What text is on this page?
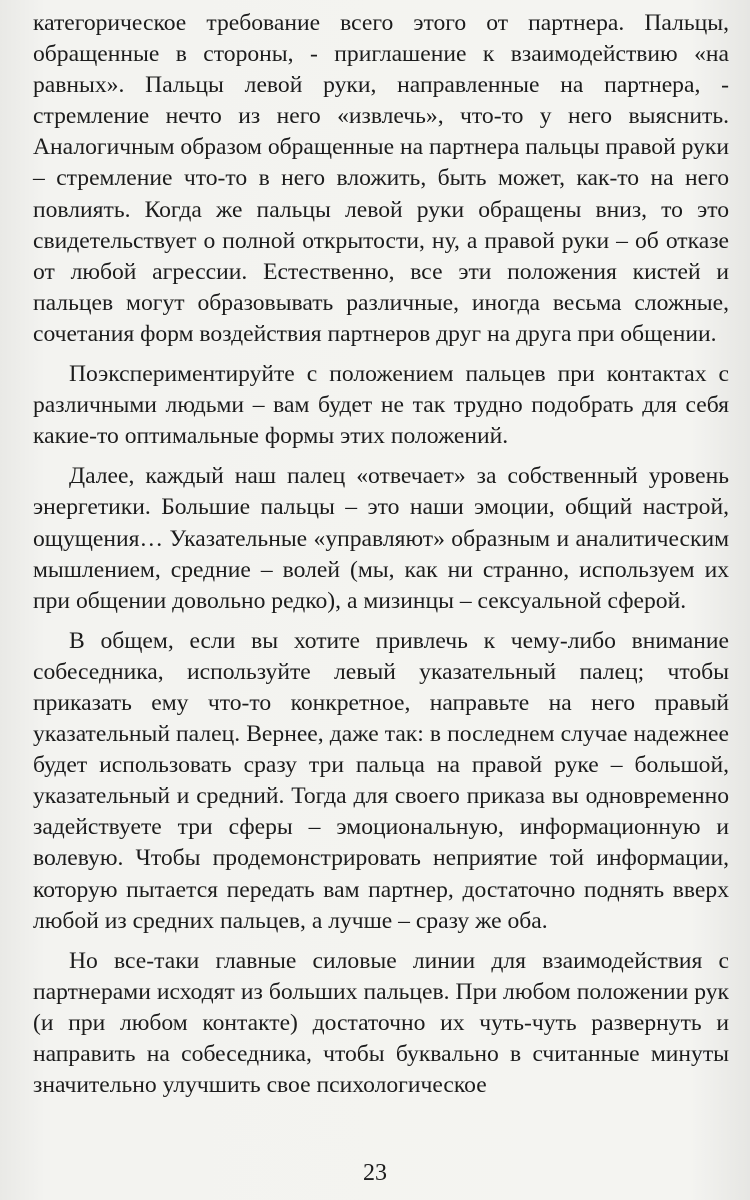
категорическое требование всего этого от партнера. Пальцы, обращенные в стороны, - приглашение к взаимодействию «на равных». Пальцы левой руки, направленные на партнера, - стремление нечто из него «извлечь», что-то у него выяснить. Аналогичным образом обращенные на партнера пальцы правой руки – стремление что-то в него вложить, быть может, как-то на него повлиять. Когда же пальцы левой руки обращены вниз, то это свидетельствует о полной открытости, ну, а правой руки – об отказе от любой агрессии. Естественно, все эти положения кистей и пальцев могут образовывать различные, иногда весьма сложные, сочетания форм воздействия партнеров друг на друга при общении.

Поэкспериментируйте с положением пальцев при контактах с различными людьми – вам будет не так трудно подобрать для себя какие-то оптимальные формы этих положений.

Далее, каждый наш палец «отвечает» за собственный уровень энергетики. Большие пальцы – это наши эмоции, общий настрой, ощущения… Указательные «управляют» образным и аналитическим мышлением, средние – волей (мы, как ни странно, используем их при общении довольно редко), а мизинцы – сексуальной сферой.

В общем, если вы хотите привлечь к чему-либо внимание собеседника, используйте левый указательный палец; чтобы приказать ему что-то конкретное, направьте на него правый указательный палец. Вернее, даже так: в последнем случае надежнее будет использовать сразу три пальца на правой руке – большой, указательный и средний. Тогда для своего приказа вы одновременно задействуете три сферы – эмоциональную, информационную и волевую. Чтобы продемонстрировать неприятие той информации, которую пытается передать вам партнер, достаточно поднять вверх любой из средних пальцев, а лучше – сразу же оба.

Но все-таки главные силовые линии для взаимодействия с партнерами исходят из больших пальцев. При любом положении рук (и при любом контакте) достаточно их чуть-чуть развернуть и направить на собеседника, чтобы буквально в считанные минуты значительно улучшить свое психологическое

23
